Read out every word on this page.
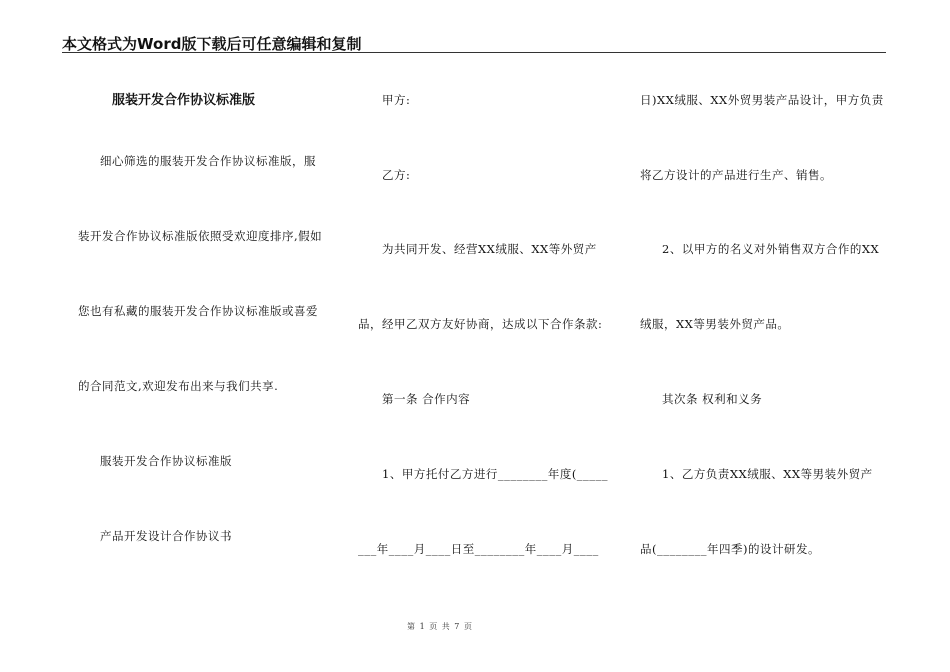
本文格式为Word版下载后可任意编辑和复制
服装开发合作协议标准版
细心筛选的服装开发合作协议标准版，服
装开发合作协议标准版依照受欢迎度排序,假如
您也有私藏的服装开发合作协议标准版或喜爱
的合同范文,欢迎发布出来与我们共享.
服装开发合作协议标准版
产品开发设计合作协议书
甲方:
乙方:
为共同开发、经营XX绒服、XX等外贸产
品，经甲乙双方友好协商，达成以下合作条款:
第一条 合作内容
1、甲方托付乙方进行________年度(_____
___年____月____日至________年____月____
日)XX绒服、XX外贸男装产品设计，甲方负责
将乙方设计的产品进行生产、销售。
2、以甲方的名义对外销售双方合作的XX
绒服，XX等男装外贸产品。
其次条 权利和义务
1、乙方负责XX绒服、XX等男装外贸产
品(________年四季)的设计研发。
第 1 页 共 7 页
